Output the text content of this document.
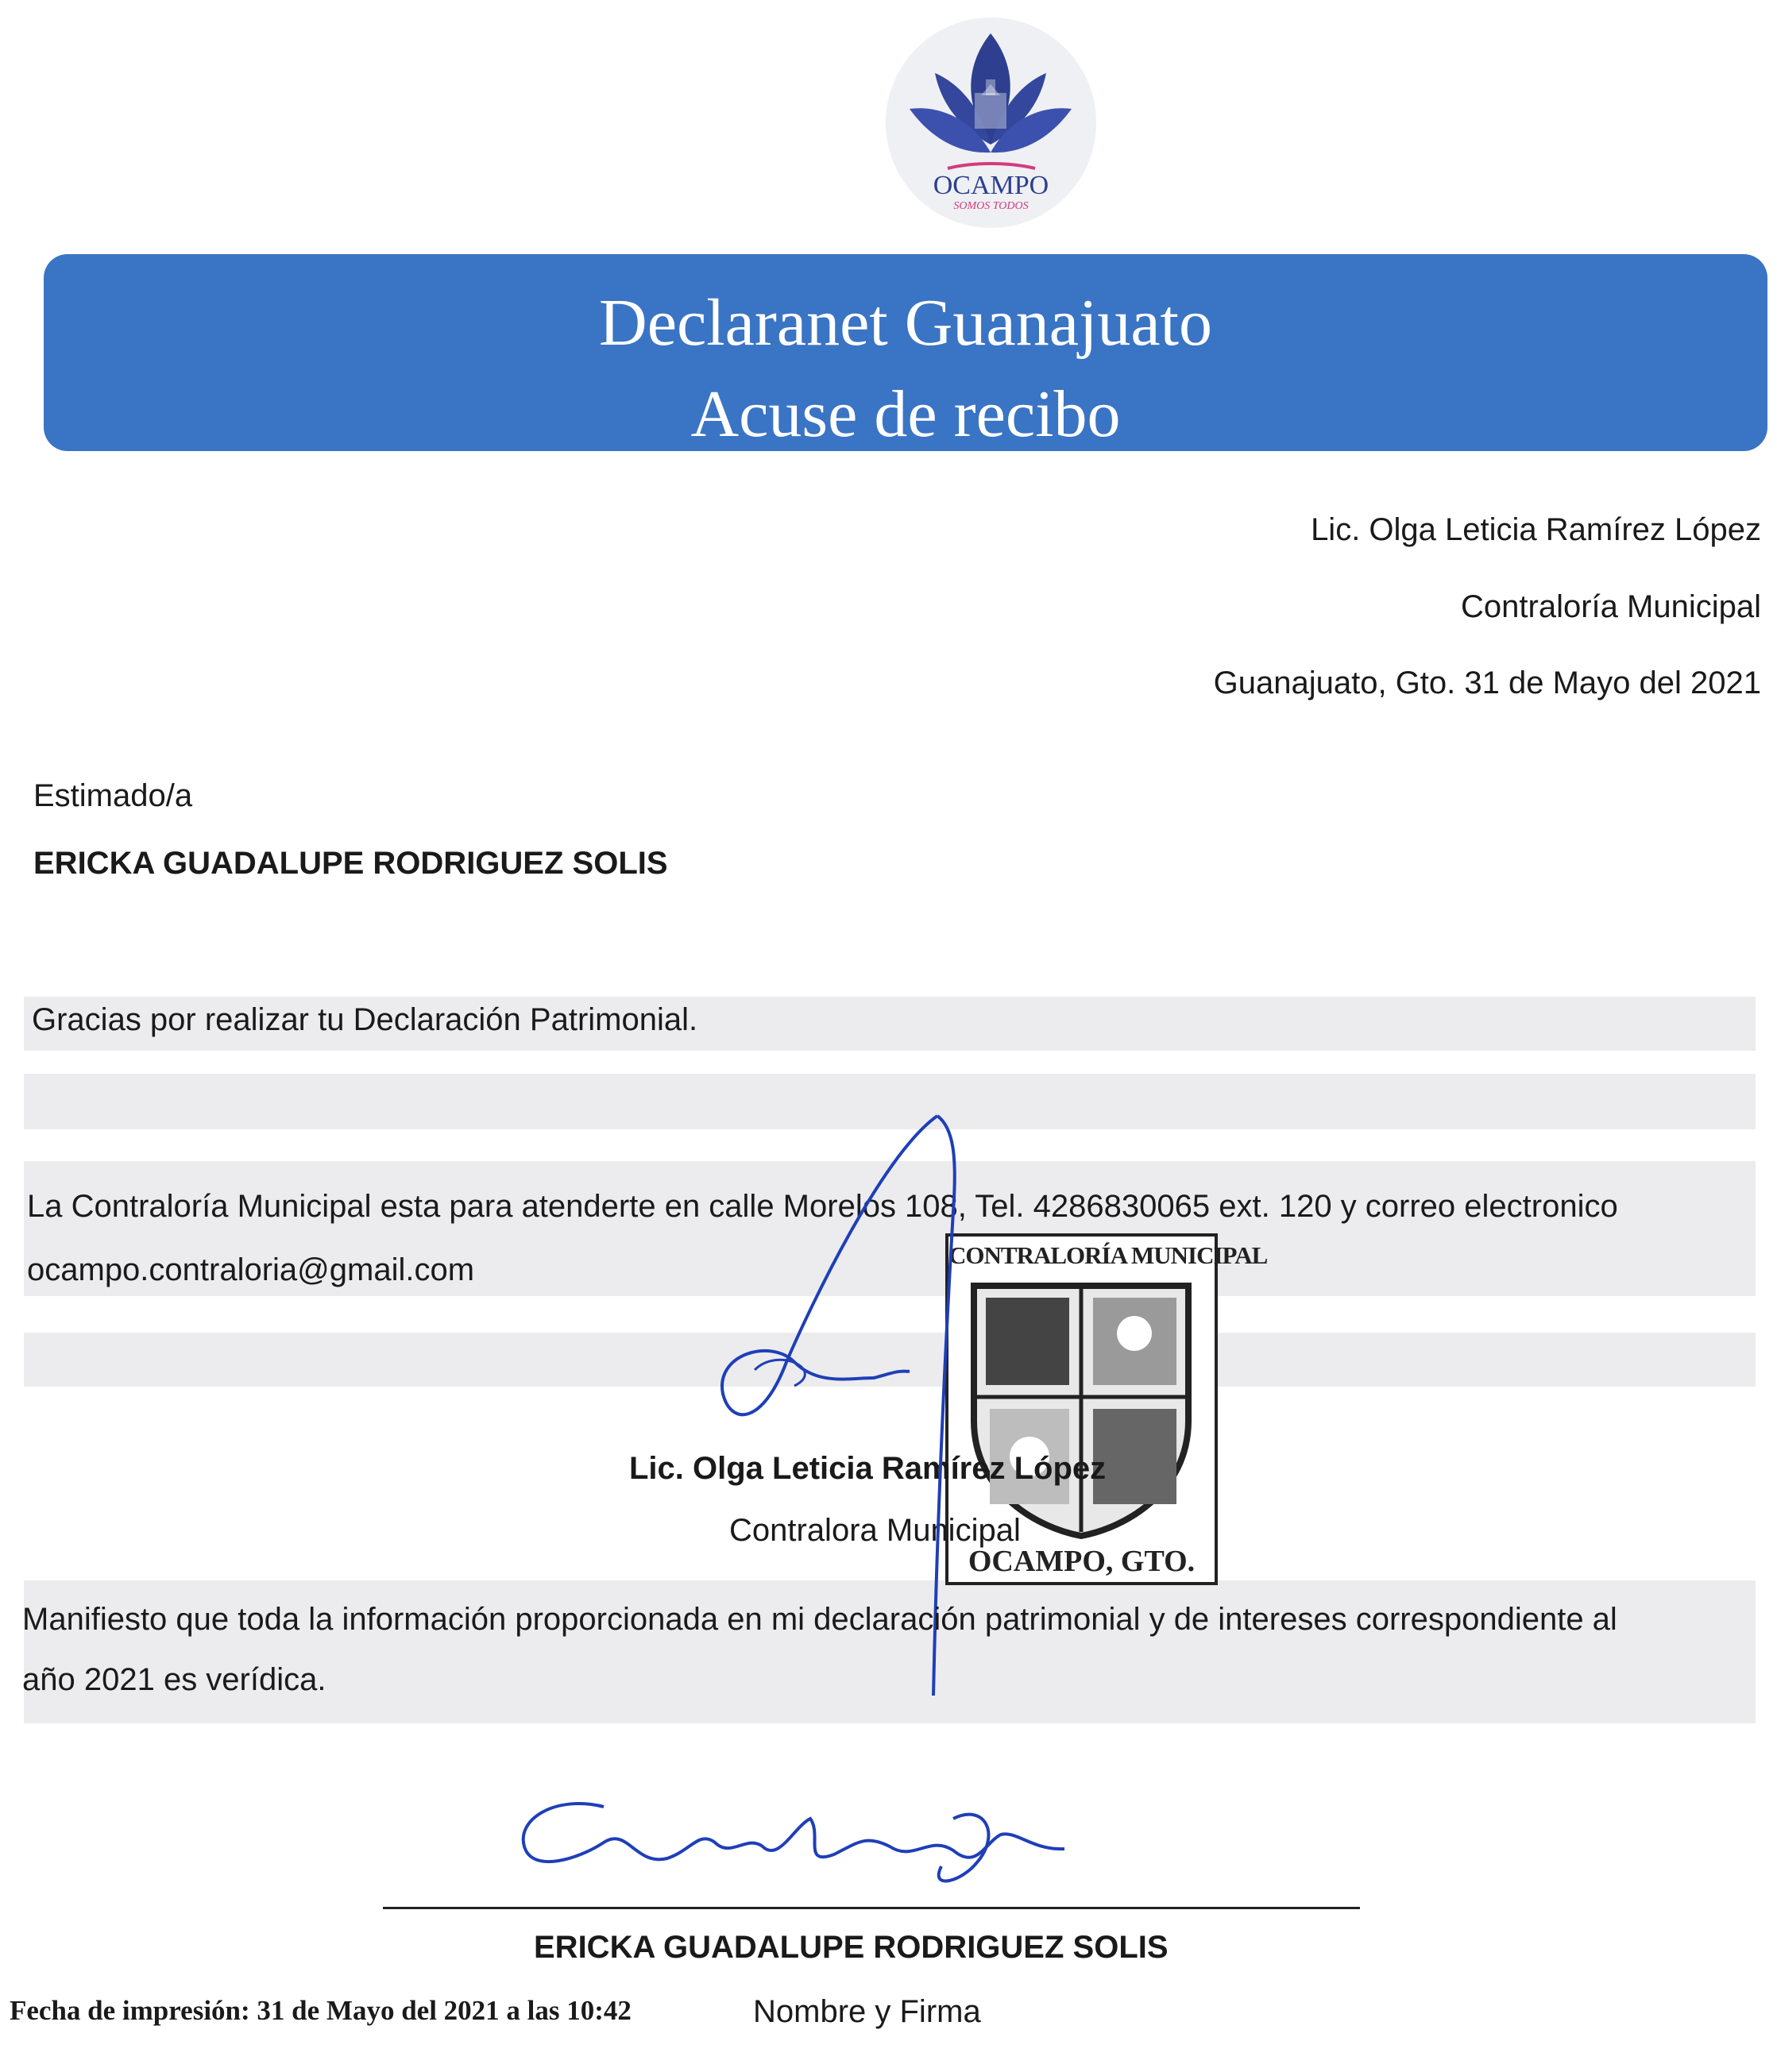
OCAMPO
SOMOS TODOS
Declaranet Guanajuato
Acuse de recibo
Lic. Olga Leticia Ramírez López
Contraloría Municipal
Guanajuato, Gto. 31 de Mayo del 2021
Estimado/a
ERICKA GUADALUPE RODRIGUEZ SOLIS
Gracias por realizar tu Declaración Patrimonial.
La Contraloría Municipal esta para atenderte en calle Morelos 108, Tel. 4286830065 ext. 120 y correo electronico
ocampo.contraloria@gmail.com	CONTRALORÍA MUNICIPAL
OCAMPO, GTO.
Lic. Olga Leticia Ramírez López
Contralora Municipal
Manifiesto que toda la información proporcionada en mi declaración patrimonial y de intereses correspondiente al
año 2021 es verídica.
ERICKA GUADALUPE RODRIGUEZ SOLIS
Nombre y Firma
Fecha de impresión: 31 de Mayo del 2021 a las 10:42
